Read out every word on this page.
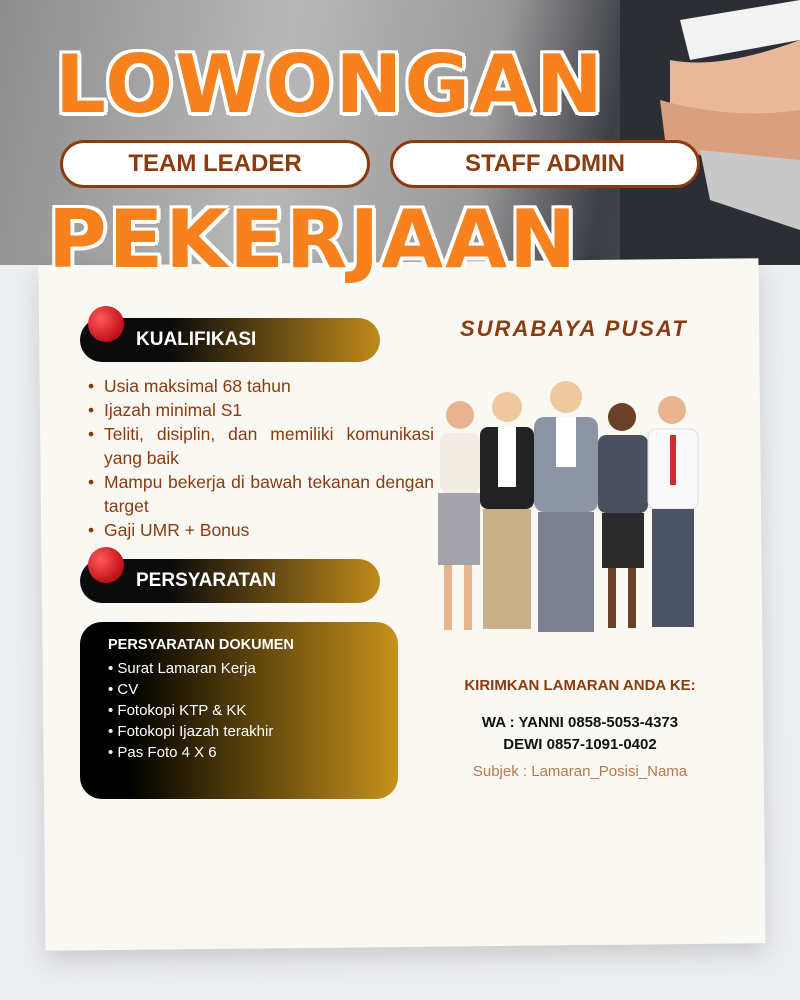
LOWONGAN
TEAM LEADER	STAFF ADMIN
PEKERJAAN
SURABAYA PUSAT
KUALIFIKASI
• Usia maksimal 68 tahun
• Ijazah minimal S1
• Teliti, disiplin, dan memiliki komunikasi yang baik
• Mampu bekerja di bawah tekanan dengan target
• Gaji UMR + Bonus
PERSYARATAN
PERSYARATAN DOKUMEN
• Surat Lamaran Kerja
• CV
• Fotokopi KTP & KK
• Fotokopi Ijazah terakhir
• Pas Foto 4 X 6
KIRIMKAN LAMARAN ANDA KE:
WA : YANNI 0858-5053-4373
DEWI 0857-1091-0402
Subjek : Lamaran_Posisi_Nama
